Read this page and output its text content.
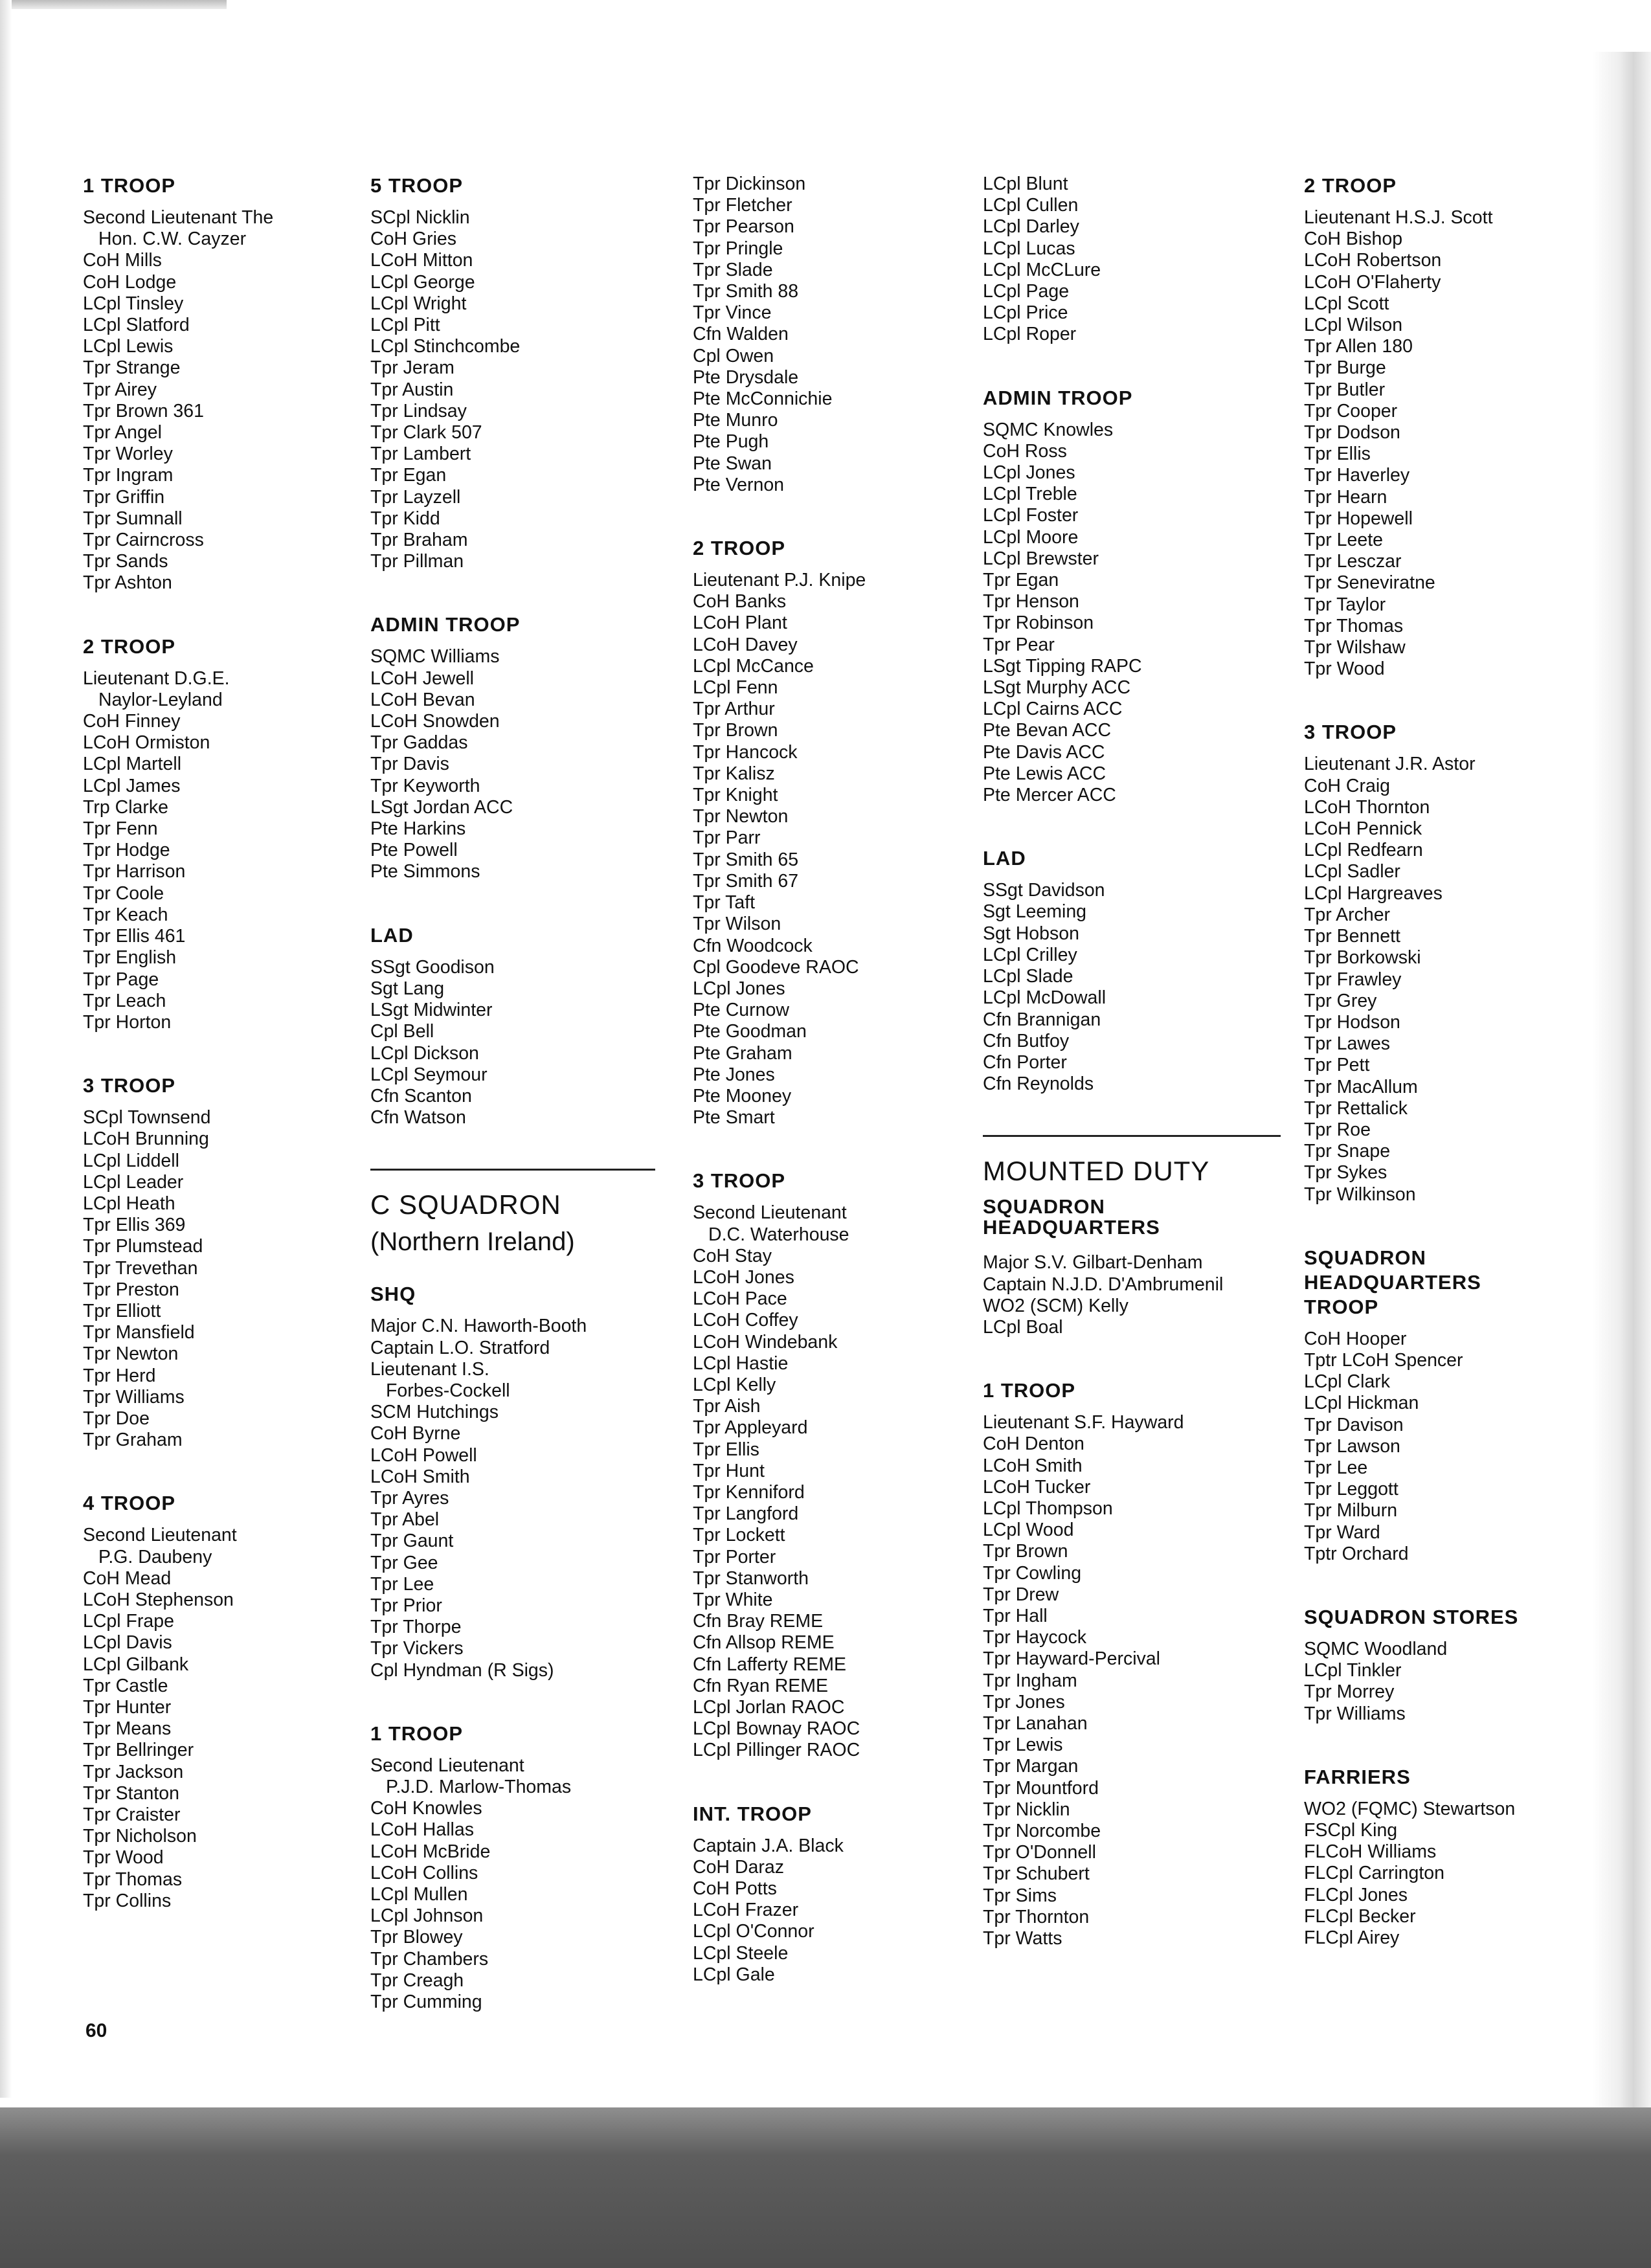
1 TROOP
Second Lieutenant The
Hon. C.W. Cayzer
CoH Mills
CoH Lodge
LCpl Tinsley
LCpl Slatford
LCpl Lewis
Tpr Strange
Tpr Airey
Tpr Brown 361
Tpr Angel
Tpr Worley
Tpr Ingram
Tpr Griffin
Tpr Sumnall
Tpr Cairncross
Tpr Sands
Tpr Ashton
2 TROOP
Lieutenant D.G.E.
Naylor-Leyland
CoH Finney
LCoH Ormiston
LCpl Martell
LCpl James
Trp Clarke
Tpr Fenn
Tpr Hodge
Tpr Harrison
Tpr Coole
Tpr Keach
Tpr Ellis 461
Tpr English
Tpr Page
Tpr Leach
Tpr Horton
3 TROOP
SCpl Townsend
LCoH Brunning
LCpl Liddell
LCpl Leader
LCpl Heath
Tpr Ellis 369
Tpr Plumstead
Tpr Trevethan
Tpr Preston
Tpr Elliott
Tpr Mansfield
Tpr Newton
Tpr Herd
Tpr Williams
Tpr Doe
Tpr Graham
4 TROOP
Second Lieutenant
P.G. Daubeny
CoH Mead
LCoH Stephenson
LCpl Frape
LCpl Davis
LCpl Gilbank
Tpr Castle
Tpr Hunter
Tpr Means
Tpr Bellringer
Tpr Jackson
Tpr Stanton
Tpr Craister
Tpr Nicholson
Tpr Wood
Tpr Thomas
Tpr Collins
5 TROOP
SCpl Nicklin
CoH Gries
LCoH Mitton
LCpl George
LCpl Wright
LCpl Pitt
LCpl Stinchcombe
Tpr Jeram
Tpr Austin
Tpr Lindsay
Tpr Clark 507
Tpr Lambert
Tpr Egan
Tpr Layzell
Tpr Kidd
Tpr Braham
Tpr Pillman
ADMIN TROOP
SQMC Williams
LCoH Jewell
LCoH Bevan
LCoH Snowden
Tpr Gaddas
Tpr Davis
Tpr Keyworth
LSgt Jordan ACC
Pte Harkins
Pte Powell
Pte Simmons
LAD
SSgt Goodison
Sgt Lang
LSgt Midwinter
Cpl Bell
LCpl Dickson
LCpl Seymour
Cfn Scanton
Cfn Watson
C SQUADRON
(Northern Ireland)
SHQ
Major C.N. Haworth-Booth
Captain L.O. Stratford
Lieutenant I.S.
Forbes-Cockell
SCM Hutchings
CoH Byrne
LCoH Powell
LCoH Smith
Tpr Ayres
Tpr Abel
Tpr Gaunt
Tpr Gee
Tpr Lee
Tpr Prior
Tpr Thorpe
Tpr Vickers
Cpl Hyndman (R Sigs)
1 TROOP
Second Lieutenant
P.J.D. Marlow-Thomas
CoH Knowles
LCoH Hallas
LCoH McBride
LCoH Collins
LCpl Mullen
LCpl Johnson
Tpr Blowey
Tpr Chambers
Tpr Creagh
Tpr Cumming
Tpr Dickinson
Tpr Fletcher
Tpr Pearson
Tpr Pringle
Tpr Slade
Tpr Smith 88
Tpr Vince
Cfn Walden
Cpl Owen
Pte Drysdale
Pte McConnichie
Pte Munro
Pte Pugh
Pte Swan
Pte Vernon
2 TROOP
Lieutenant P.J. Knipe
CoH Banks
LCoH Plant
LCoH Davey
LCpl McCance
LCpl Fenn
Tpr Arthur
Tpr Brown
Tpr Hancock
Tpr Kalisz
Tpr Knight
Tpr Newton
Tpr Parr
Tpr Smith 65
Tpr Smith 67
Tpr Taft
Tpr Wilson
Cfn Woodcock
Cpl Goodeve RAOC
LCpl Jones
Pte Curnow
Pte Goodman
Pte Graham
Pte Jones
Pte Mooney
Pte Smart
3 TROOP
Second Lieutenant
D.C. Waterhouse
CoH Stay
LCoH Jones
LCoH Pace
LCoH Coffey
LCoH Windebank
LCpl Hastie
LCpl Kelly
Tpr Aish
Tpr Appleyard
Tpr Ellis
Tpr Hunt
Tpr Kenniford
Tpr Langford
Tpr Lockett
Tpr Porter
Tpr Stanworth
Tpr White
Cfn Bray REME
Cfn Allsop REME
Cfn Lafferty REME
Cfn Ryan REME
LCpl Jorlan RAOC
LCpl Bownay RAOC
LCpl Pillinger RAOC
INT. TROOP
Captain J.A. Black
CoH Daraz
CoH Potts
LCoH Frazer
LCpl O'Connor
LCpl Steele
LCpl Gale
LCpl Blunt
LCpl Cullen
LCpl Darley
LCpl Lucas
LCpl McCLure
LCpl Page
LCpl Price
LCpl Roper
ADMIN TROOP
SQMC Knowles
CoH Ross
LCpl Jones
LCpl Treble
LCpl Foster
LCpl Moore
LCpl Brewster
Tpr Egan
Tpr Henson
Tpr Robinson
Tpr Pear
LSgt Tipping RAPC
LSgt Murphy ACC
LCpl Cairns ACC
Pte Bevan ACC
Pte Davis ACC
Pte Lewis ACC
Pte Mercer ACC
LAD
SSgt Davidson
Sgt Leeming
Sgt Hobson
LCpl Crilley
LCpl Slade
LCpl McDowall
Cfn Brannigan
Cfn Butfoy
Cfn Porter
Cfn Reynolds
MOUNTED DUTY
SQUADRON HEADQUARTERS
Major S.V. Gilbart-Denham
Captain N.J.D. D'Ambrumenil
WO2 (SCM) Kelly
LCpl Boal
1 TROOP
Lieutenant S.F. Hayward
CoH Denton
LCoH Smith
LCoH Tucker
LCpl Thompson
LCpl Wood
Tpr Brown
Tpr Cowling
Tpr Drew
Tpr Hall
Tpr Haycock
Tpr Hayward-Percival
Tpr Ingham
Tpr Jones
Tpr Lanahan
Tpr Lewis
Tpr Margan
Tpr Mountford
Tpr Nicklin
Tpr Norcombe
Tpr O'Donnell
Tpr Schubert
Tpr Sims
Tpr Thornton
Tpr Watts
2 TROOP
Lieutenant H.S.J. Scott
CoH Bishop
LCoH Robertson
LCoH O'Flaherty
LCpl Scott
LCpl Wilson
Tpr Allen 180
Tpr Burge
Tpr Butler
Tpr Cooper
Tpr Dodson
Tpr Ellis
Tpr Haverley
Tpr Hearn
Tpr Hopewell
Tpr Leete
Tpr Lesczar
Tpr Seneviratne
Tpr Taylor
Tpr Thomas
Tpr Wilshaw
Tpr Wood
3 TROOP
Lieutenant J.R. Astor
CoH Craig
LCoH Thornton
LCoH Pennick
LCpl Redfearn
LCpl Sadler
LCpl Hargreaves
Tpr Archer
Tpr Bennett
Tpr Borkowski
Tpr Frawley
Tpr Grey
Tpr Hodson
Tpr Lawes
Tpr Pett
Tpr MacAllum
Tpr Rettalick
Tpr Roe
Tpr Snape
Tpr Sykes
Tpr Wilkinson
SQUADRON HEADQUARTERS TROOP
CoH Hooper
Tptr LCoH Spencer
LCpl Clark
LCpl Hickman
Tpr Davison
Tpr Lawson
Tpr Lee
Tpr Leggott
Tpr Milburn
Tpr Ward
Tptr Orchard
SQUADRON STORES
SQMC Woodland
LCpl Tinkler
Tpr Morrey
Tpr Williams
FARRIERS
WO2 (FQMC) Stewartson
FSCpl King
FLCoH Williams
FLCpl Carrington
FLCpl Jones
FLCpl Becker
FLCpl Airey
60
